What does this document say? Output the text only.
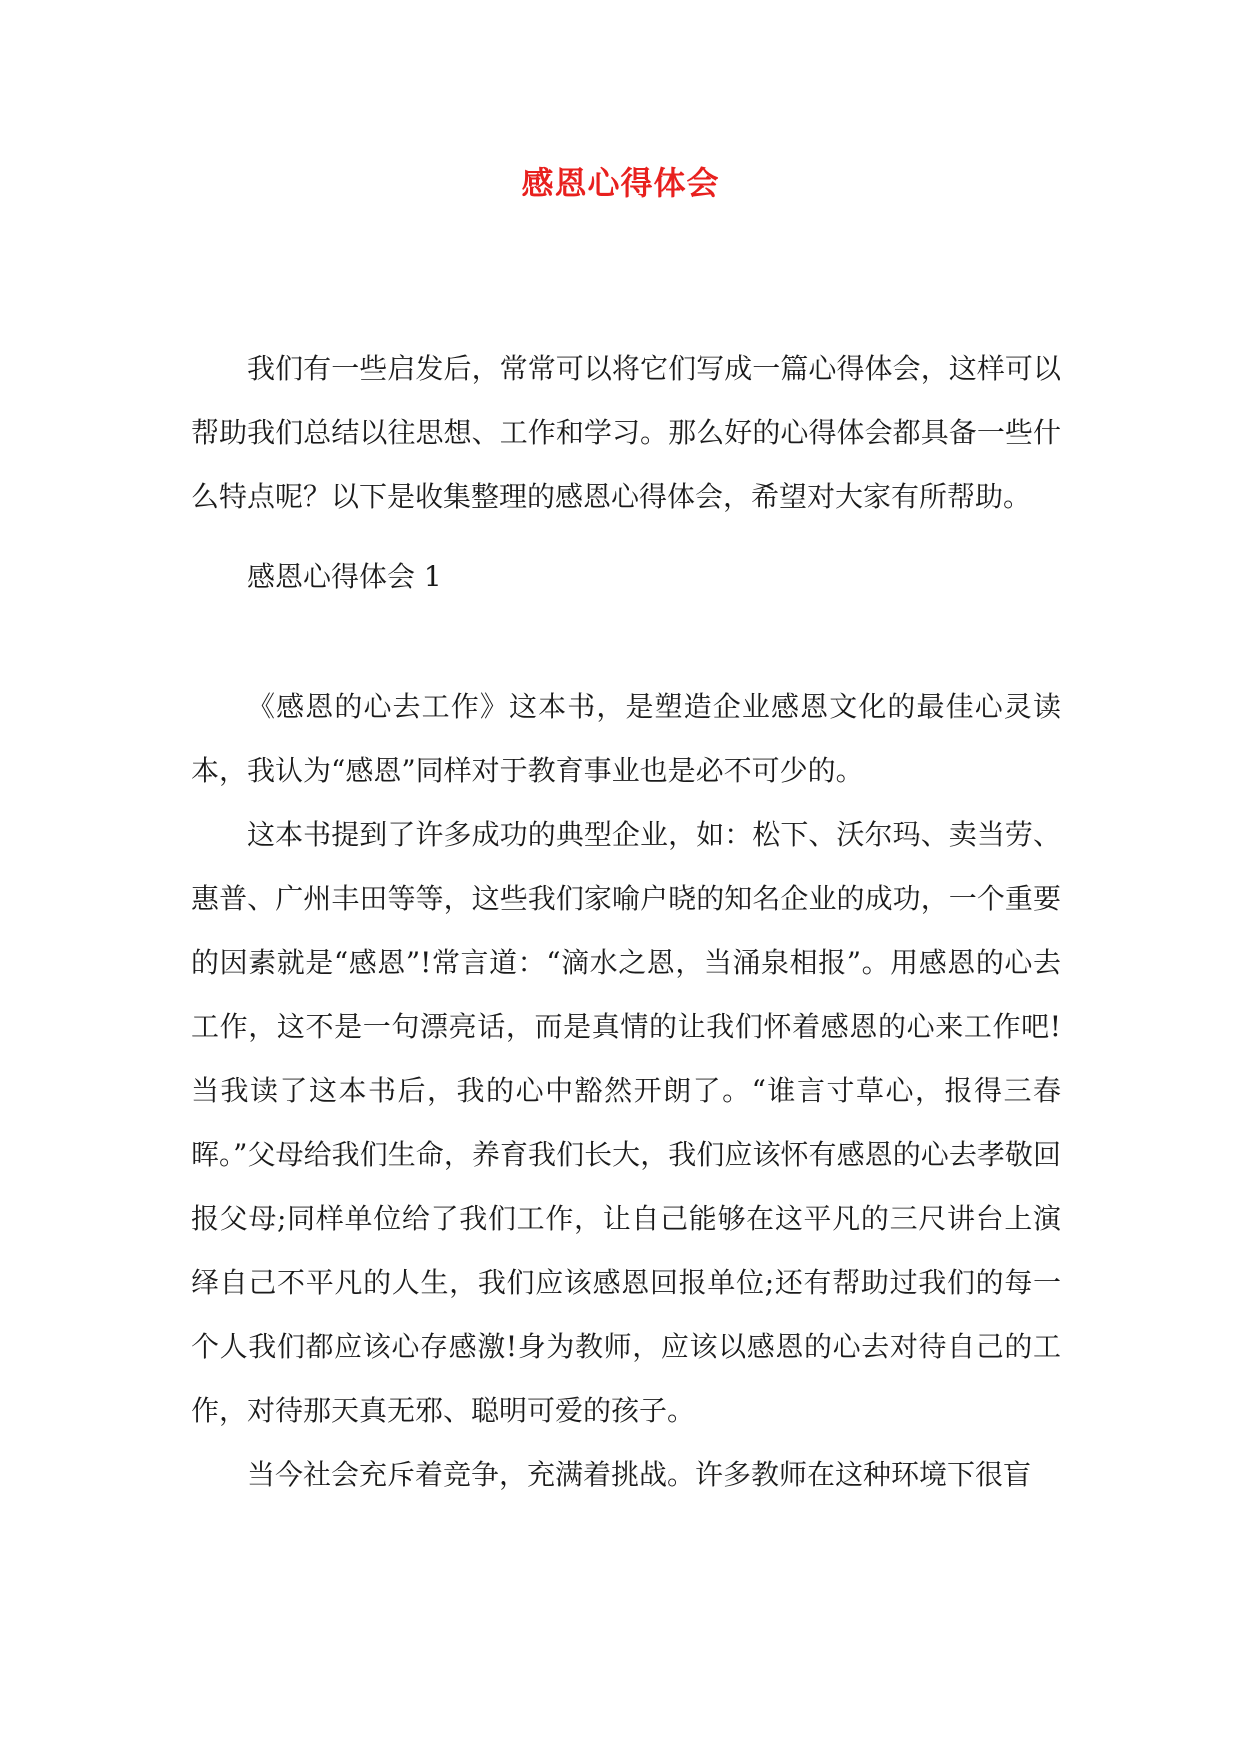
感恩心得体会

我们有一些启发后，常常可以将它们写成一篇心得体会，这样可以帮助我们总结以往思想、工作和学习。那么好的心得体会都具备一些什么特点呢？以下是收集整理的感恩心得体会，希望对大家有所帮助。

感恩心得体会 1

《感恩的心去工作》这本书，是塑造企业感恩文化的最佳心灵读本，我认为“感恩”同样对于教育事业也是必不可少的。

这本书提到了许多成功的典型企业，如：松下、沃尔玛、卖当劳、惠普、广州丰田等等，这些我们家喻户晓的知名企业的成功，一个重要的因素就是“感恩”!常言道：“滴水之恩，当涌泉相报”。用感恩的心去工作，这不是一句漂亮话，而是真情的让我们怀着感恩的心来工作吧!当我读了这本书后，我的心中豁然开朗了。“谁言寸草心，报得三春晖。”父母给我们生命，养育我们长大，我们应该怀有感恩的心去孝敬回报父母;同样单位给了我们工作，让自己能够在这平凡的三尺讲台上演绎自己不平凡的人生，我们应该感恩回报单位;还有帮助过我们的每一个人我们都应该心存感激!身为教师，应该以感恩的心去对待自己的工作，对待那天真无邪、聪明可爱的孩子。

当今社会充斥着竞争，充满着挑战。许多教师在这种环境下很盲
